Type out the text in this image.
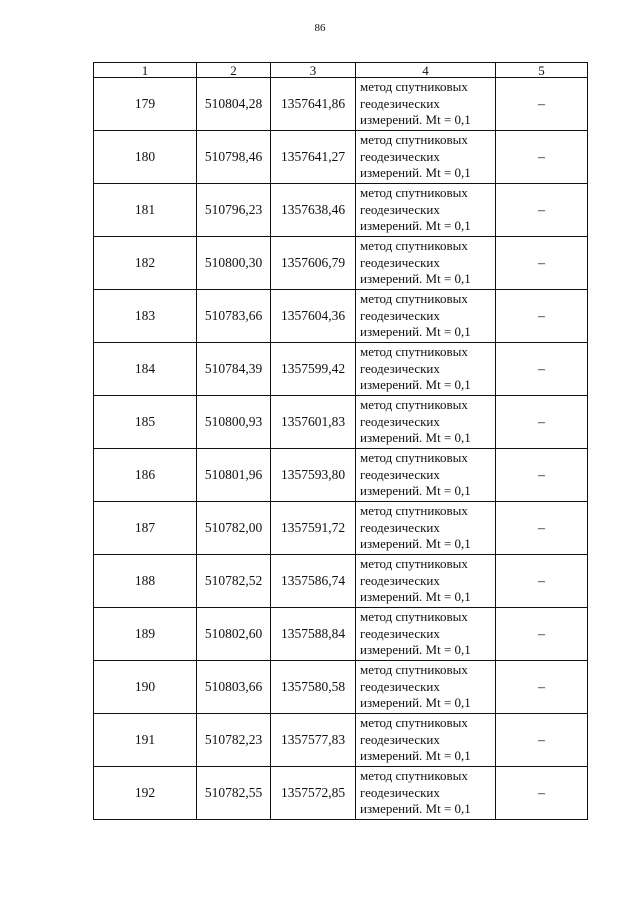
86
1	2	3	4	5
179	510804,28	1357641,86	метод спутниковых
геодезических
измерений. Mt = 0,1	–
180	510798,46	1357641,27	метод спутниковых
геодезических
измерений. Mt = 0,1	–
181	510796,23	1357638,46	метод спутниковых
геодезических
измерений. Mt = 0,1	–
182	510800,30	1357606,79	метод спутниковых
геодезических
измерений. Mt = 0,1	–
183	510783,66	1357604,36	метод спутниковых
геодезических
измерений. Mt = 0,1	–
184	510784,39	1357599,42	метод спутниковых
геодезических
измерений. Mt = 0,1	–
185	510800,93	1357601,83	метод спутниковых
геодезических
измерений. Mt = 0,1	–
186	510801,96	1357593,80	метод спутниковых
геодезических
измерений. Mt = 0,1	–
187	510782,00	1357591,72	метод спутниковых
геодезических
измерений. Mt = 0,1	–
188	510782,52	1357586,74	метод спутниковых
геодезических
измерений. Mt = 0,1	–
189	510802,60	1357588,84	метод спутниковых
геодезических
измерений. Mt = 0,1	–
190	510803,66	1357580,58	метод спутниковых
геодезических
измерений. Mt = 0,1	–
191	510782,23	1357577,83	метод спутниковых
геодезических
измерений. Mt = 0,1	–
192	510782,55	1357572,85	метод спутниковых
геодезических
измерений. Mt = 0,1	–
